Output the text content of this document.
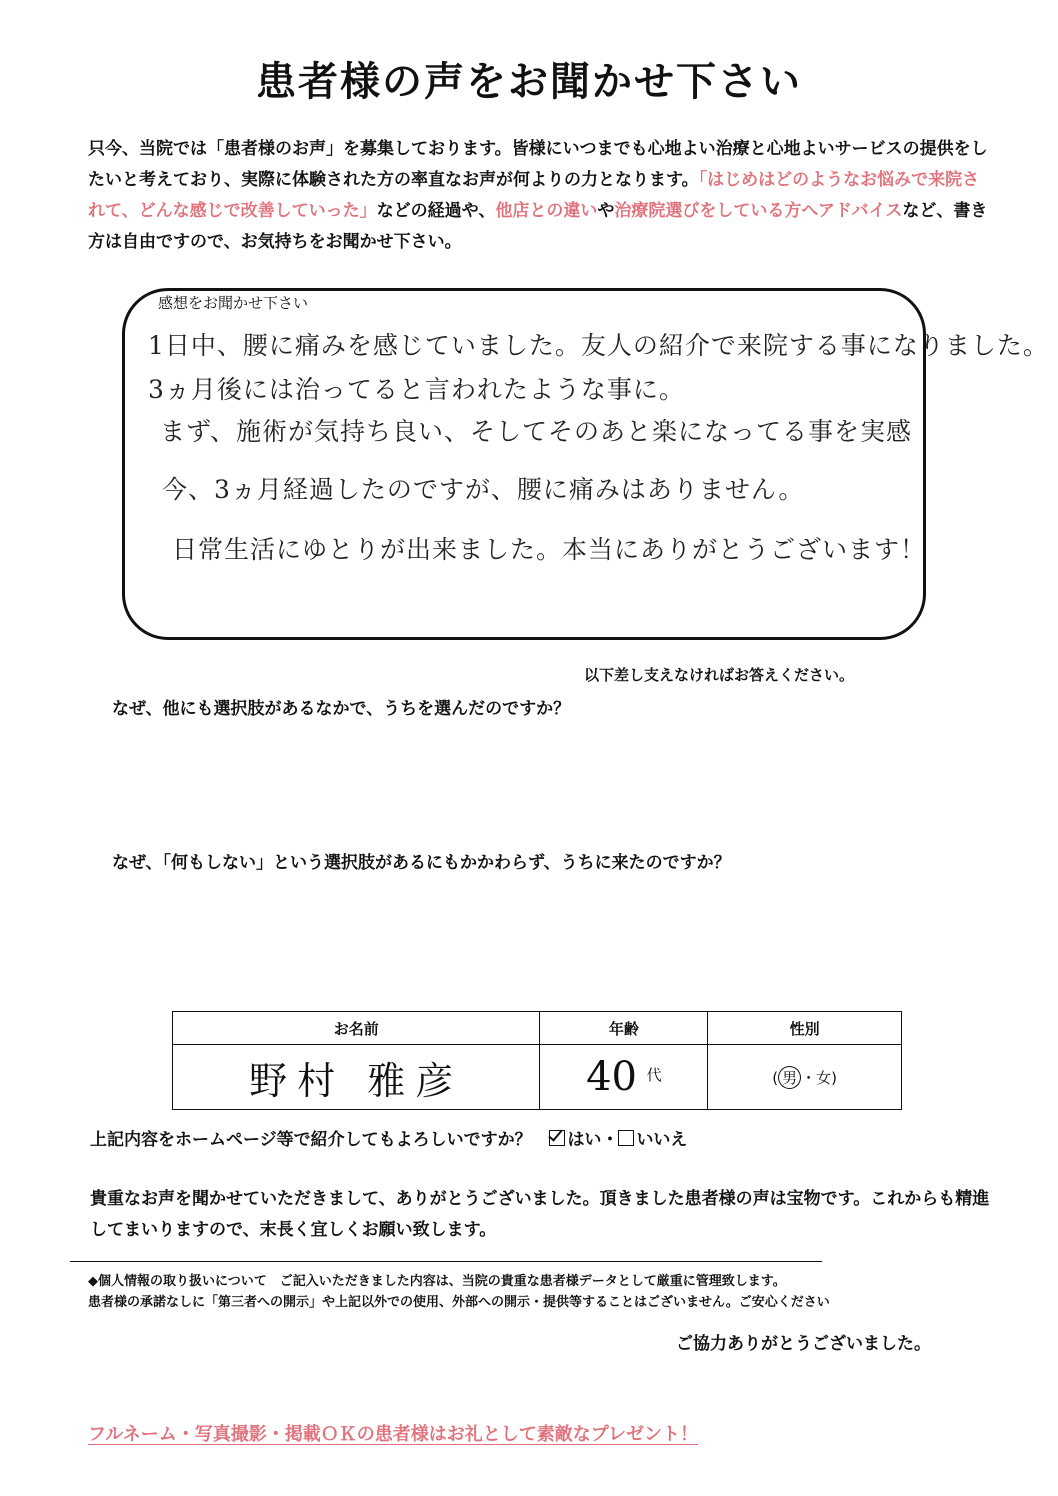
患者様の声をお聞かせ下さい
只今、当院では「患者様のお声」を募集しております。皆様にいつまでも心地よい治療と心地よいサービスの提供をしたいと考えており、実際に体験された方の率直なお声が何よりの力となります。「はじめはどのようなお悩みで来院されて、どんな感じで改善していった」などの経過や、他店との違いや治療院選びをしている方へアドバイスなど、書き方は自由ですので、お気持ちをお聞かせ下さい。
感想をお聞かせ下さい
1日中、腰に痛みを感じていました。友人の紹介で来院する事になりました。
3ヵ月後には治ってると言われたような事に。
まず、施術が気持ち良い、そしてそのあと楽になってる事を実感
今、3ヵ月経過したのですが、腰に痛みはありません。
日常生活にゆとりが出来ました。本当にありがとうございます！
以下差し支えなければお答えください。
なぜ、他にも選択肢があるなかで、うちを選んだのですか？
なぜ、「何もしない」という選択肢があるにもかかわらず、うちに来たのですか？
お名前	年齢	性別
野村 雅彦	40 代	( 男 ・女)
上記内容をホームページ等で紹介してもよろしいですか？ はい・ いいえ
貴重なお声を聞かせていただきまして、ありがとうございました。頂きました患者様の声は宝物です。これからも精進してまいりますので、末長く宜しくお願い致します。
◆個人情報の取り扱いについて　ご記入いただきました内容は、当院の貴重な患者様データとして厳重に管理致します。
患者様の承諾なしに「第三者への開示」や上記以外での使用、外部への開示・提供等することはございません。ご安心ください
ご協力ありがとうございました。
フルネーム・写真撮影・掲載ＯＫの患者様はお礼として素敵なプレゼント！
